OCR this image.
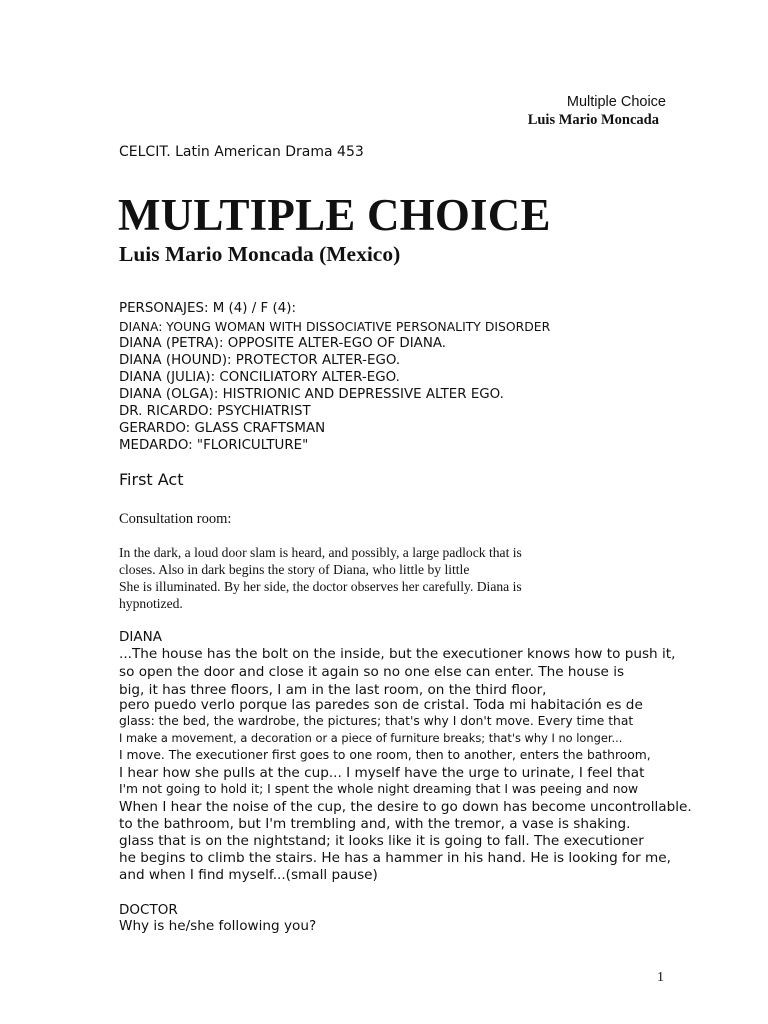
Multiple Choice
Luis Mario Moncada
CELCIT. Latin American Drama 453
MULTIPLE CHOICE
Luis Mario Moncada (Mexico)
PERSONAJES: M (4) / F (4):
DIANA: YOUNG WOMAN WITH DISSOCIATIVE PERSONALITY DISORDER
DIANA (PETRA): OPPOSITE ALTER-EGO OF DIANA.
DIANA (HOUND): PROTECTOR ALTER-EGO.
DIANA (JULIA): CONCILIATORY ALTER-EGO.
DIANA (OLGA): HISTRIONIC AND DEPRESSIVE ALTER EGO.
DR. RICARDO: PSYCHIATRIST
GERARDO: GLASS CRAFTSMAN
MEDARDO: "FLORICULTURE"
First Act
Consultation room:
In the dark, a loud door slam is heard, and possibly, a large padlock that is
closes. Also in dark begins the story of Diana, who little by little
She is illuminated. By her side, the doctor observes her carefully. Diana is
hypnotized.
DIANA
...The house has the bolt on the inside, but the executioner knows how to push it,
so open the door and close it again so no one else can enter. The house is
big, it has three floors, I am in the last room, on the third floor,
pero puedo verlo porque las paredes son de cristal. Toda mi habitación es de
glass: the bed, the wardrobe, the pictures; that's why I don't move. Every time that
I make a movement, a decoration or a piece of furniture breaks; that's why I no longer...
I move. The executioner first goes to one room, then to another, enters the bathroom,
I hear how she pulls at the cup... I myself have the urge to urinate, I feel that
I'm not going to hold it; I spent the whole night dreaming that I was peeing and now
When I hear the noise of the cup, the desire to go down has become uncontrollable.
to the bathroom, but I'm trembling and, with the tremor, a vase is shaking.
glass that is on the nightstand; it looks like it is going to fall. The executioner
he begins to climb the stairs. He has a hammer in his hand. He is looking for me,
and when I find myself...(small pause)
DOCTOR
Why is he/she following you?
1
